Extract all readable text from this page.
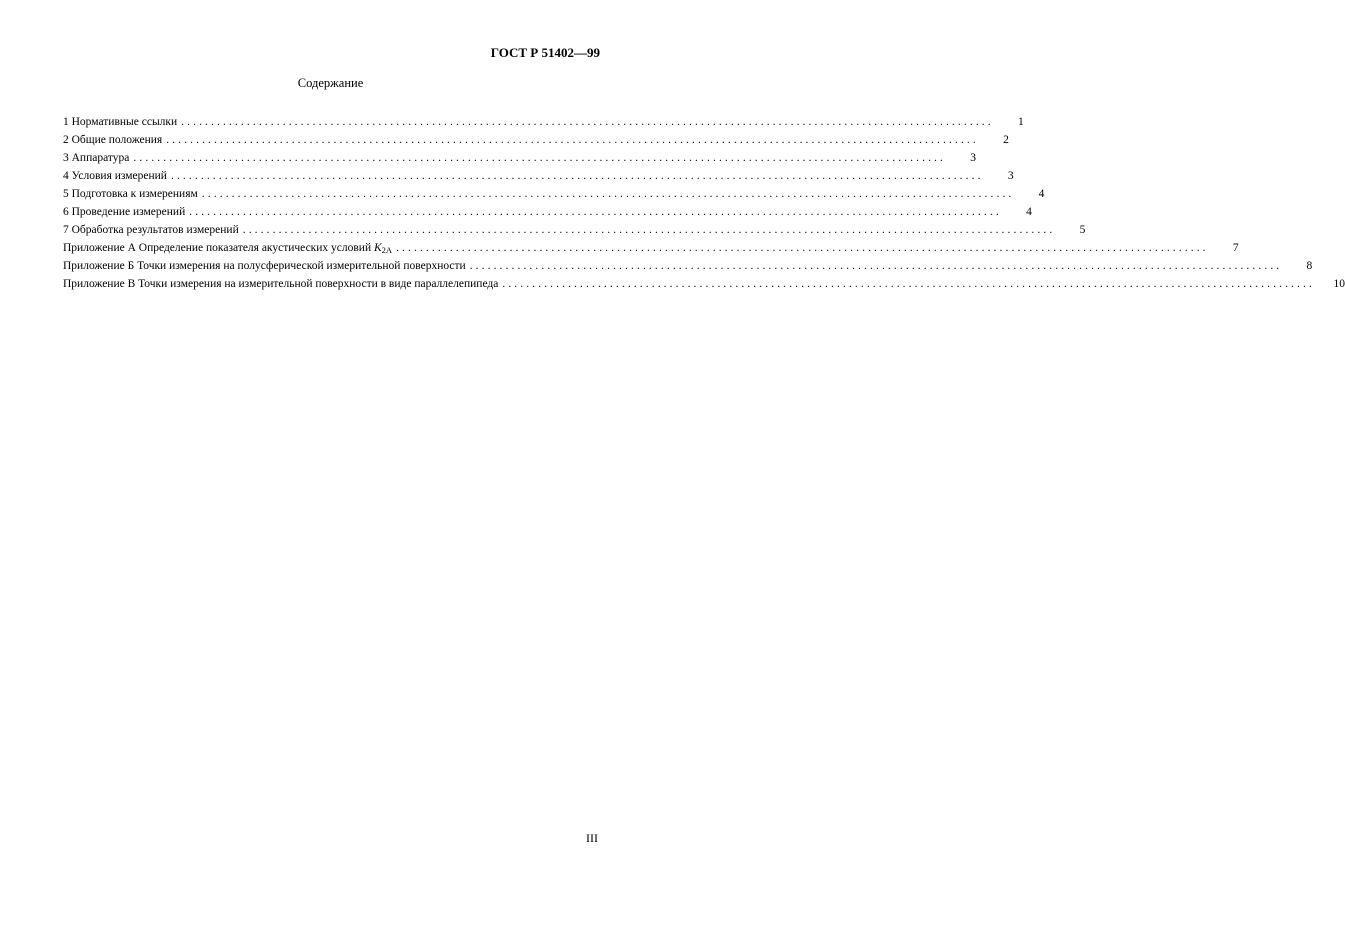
ГОСТ Р 51402—99
Содержание
1 Нормативные ссылки ........................................................................................................................................	1
2 Общие положения ........................................................................................................................................	2
3 Аппаратура ........................................................................................................................................	3
4 Условия измерений ........................................................................................................................................	3
5 Подготовка к измерениям ........................................................................................................................................	4
6 Проведение измерений ........................................................................................................................................	4
7 Обработка результатов измерений ........................................................................................................................................	5
Приложение А Определение показателя акустических условий K2A ........................................................................................................................................	7
Приложение Б Точки измерения на полусферической измерительной поверхности ........................................................................................................................................	8
Приложение В Точки измерения на измерительной поверхности в виде параллелепипеда ........................................................................................................................................	10
III
